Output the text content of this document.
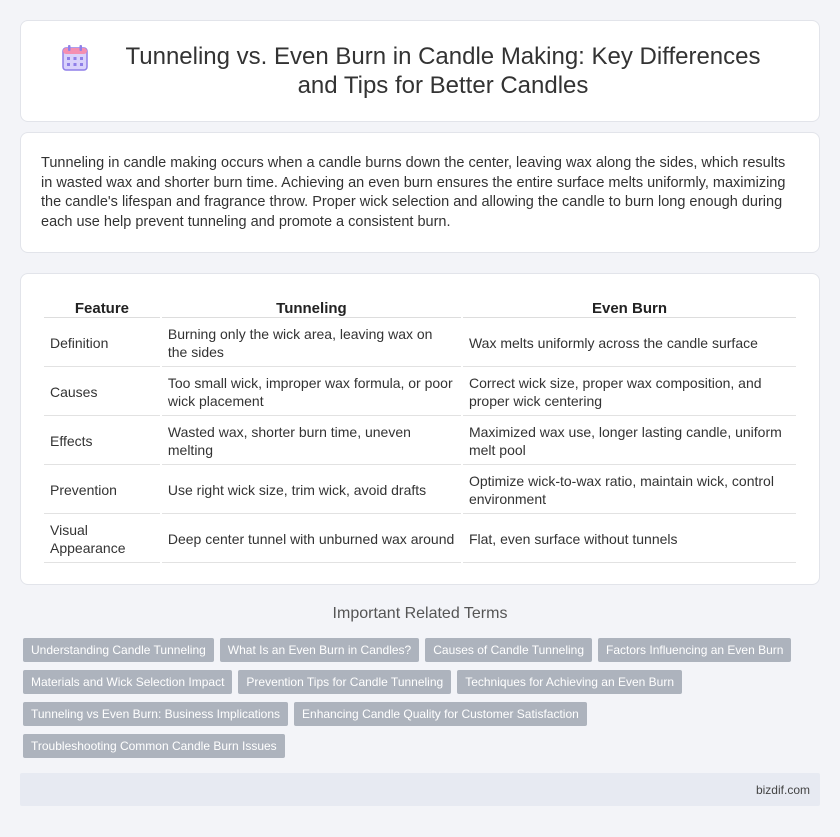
Tunneling vs. Even Burn in Candle Making: Key Differences and Tips for Better Candles

Tunneling in candle making occurs when a candle burns down the center, leaving wax along the sides, which results in wasted wax and shorter burn time. Achieving an even burn ensures the entire surface melts uniformly, maximizing the candle's lifespan and fragrance throw. Proper wick selection and allowing the candle to burn long enough during each use help prevent tunneling and promote a consistent burn.

Feature	Tunneling	Even Burn
Definition	Burning only the wick area, leaving wax on the sides	Wax melts uniformly across the candle surface
Causes	Too small wick, improper wax formula, or poor wick placement	Correct wick size, proper wax composition, and proper wick centering
Effects	Wasted wax, shorter burn time, uneven melting	Maximized wax use, longer lasting candle, uniform melt pool
Prevention	Use right wick size, trim wick, avoid drafts	Optimize wick-to-wax ratio, maintain wick, control environment
Visual Appearance	Deep center tunnel with unburned wax around	Flat, even surface without tunnels
Important Related Terms
Understanding Candle Tunneling	What Is an Even Burn in Candles?	Causes of Candle Tunneling	Factors Influencing an Even Burn
Materials and Wick Selection Impact	Prevention Tips for Candle Tunneling	Techniques for Achieving an Even Burn
Tunneling vs Even Burn: Business Implications	Enhancing Candle Quality for Customer Satisfaction
Troubleshooting Common Candle Burn Issues
bizdif.com
